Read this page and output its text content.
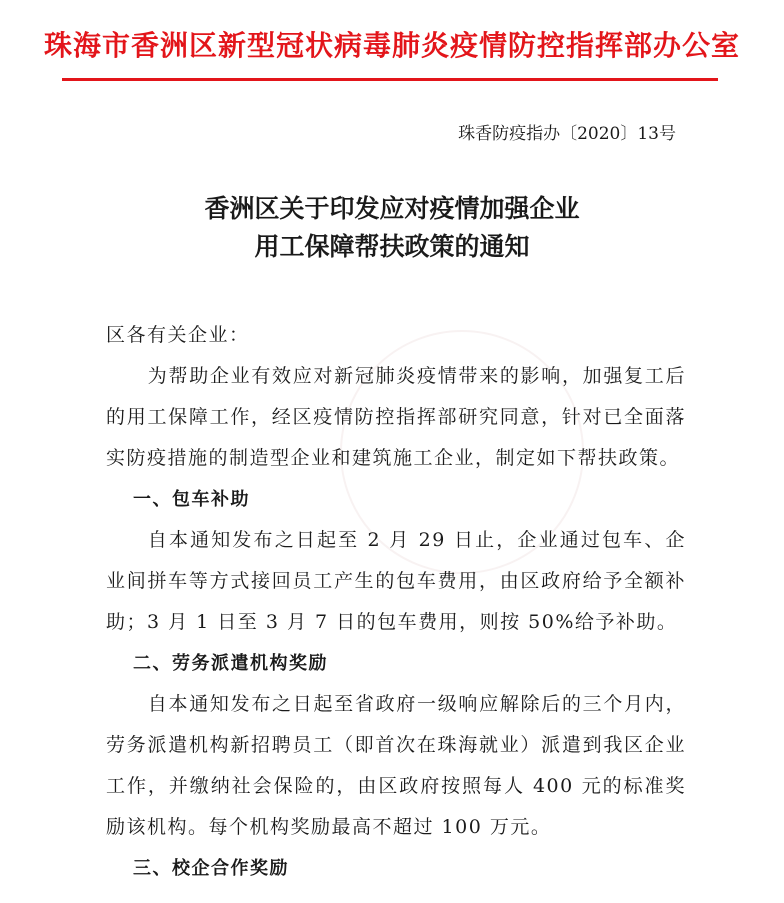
珠海市香洲区新型冠状病毒肺炎疫情防控指挥部办公室
珠香防疫指办〔2020〕13号
香洲区关于印发应对疫情加强企业
用工保障帮扶政策的通知

区各有关企业：

为帮助企业有效应对新冠肺炎疫情带来的影响，加强复工后的用工保障工作，经区疫情防控指挥部研究同意，针对已全面落实防疫措施的制造型企业和建筑施工企业，制定如下帮扶政策。

一、包车补助

自本通知发布之日起至 2 月 29 日止，企业通过包车、企业间拼车等方式接回员工产生的包车费用，由区政府给予全额补助；3 月 1 日至 3 月 7 日的包车费用，则按 50%给予补助。

二、劳务派遣机构奖励

自本通知发布之日起至省政府一级响应解除后的三个月内，劳务派遣机构新招聘员工（即首次在珠海就业）派遣到我区企业工作，并缴纳社会保险的，由区政府按照每人 400 元的标准奖励该机构。每个机构奖励最高不超过 100 万元。

三、校企合作奖励
